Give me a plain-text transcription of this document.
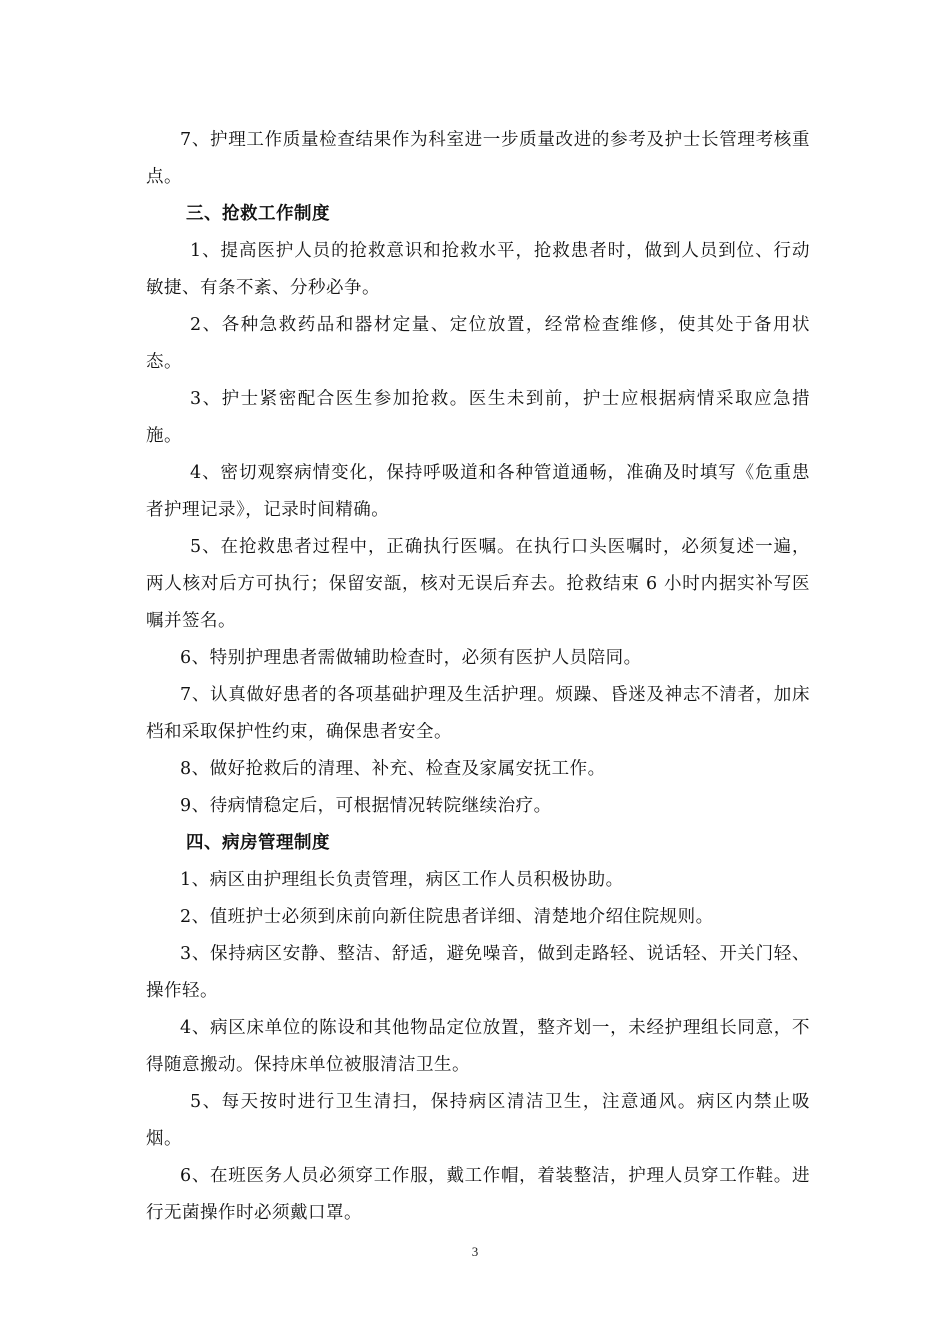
7、护理工作质量检查结果作为科室进一步质量改进的参考及护士长管理考核重点。

三、抢救工作制度

1、提高医护人员的抢救意识和抢救水平，抢救患者时，做到人员到位、行动敏捷、有条不紊、分秒必争。

2、各种急救药品和器材定量、定位放置，经常检查维修，使其处于备用状态。

3、护士紧密配合医生参加抢救。医生未到前，护士应根据病情采取应急措施。

4、密切观察病情变化，保持呼吸道和各种管道通畅，准确及时填写《危重患者护理记录》，记录时间精确。

5、在抢救患者过程中，正确执行医嘱。在执行口头医嘱时，必须复述一遍，两人核对后方可执行；保留安瓿，核对无误后弃去。抢救结束 6 小时内据实补写医嘱并签名。

6、特别护理患者需做辅助检查时，必须有医护人员陪同。

7、认真做好患者的各项基础护理及生活护理。烦躁、昏迷及神志不清者，加床档和采取保护性约束，确保患者安全。

8、做好抢救后的清理、补充、检查及家属安抚工作。

9、待病情稳定后，可根据情况转院继续治疗。

四、病房管理制度

1、病区由护理组长负责管理，病区工作人员积极协助。

2、值班护士必须到床前向新住院患者详细、清楚地介绍住院规则。

3、保持病区安静、整洁、舒适，避免噪音，做到走路轻、说话轻、开关门轻、操作轻。

4、病区床单位的陈设和其他物品定位放置，整齐划一，未经护理组长同意，不得随意搬动。保持床单位被服清洁卫生。

5、每天按时进行卫生清扫，保持病区清洁卫生，注意通风。病区内禁止吸烟。

6、在班医务人员必须穿工作服，戴工作帽，着装整洁，护理人员穿工作鞋。进行无菌操作时必须戴口罩。

3
